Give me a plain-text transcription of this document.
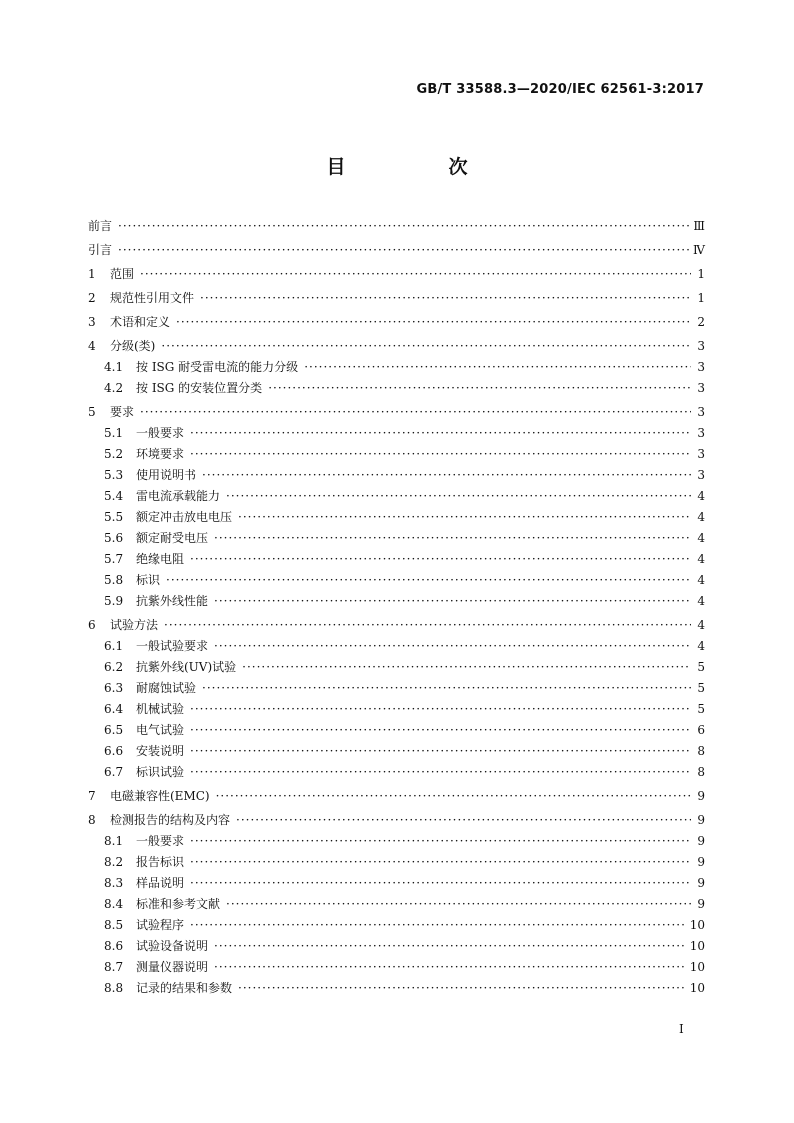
GB/T 33588.3—2020/IEC 62561-3:2017
目　次
前言 ·····	Ⅲ
引言 ·····	Ⅳ
1	范围 ·····	1
2	规范性引用文件 ·····	1
3	术语和定义 ·····	2
4	分级(类) ·····	3
4.1	按 ISG 耐受雷电流的能力分级 ·····	3
4.2	按 ISG 的安装位置分类 ·····	3
5	要求 ·····	3
5.1	一般要求 ·····	3
5.2	环境要求 ·····	3
5.3	使用说明书 ·····	3
5.4	雷电流承载能力 ·····	4
5.5	额定冲击放电电压 ·····	4
5.6	额定耐受电压 ·····	4
5.7	绝缘电阻 ·····	4
5.8	标识 ·····	4
5.9	抗紫外线性能 ·····	4
6	试验方法 ·····	4
6.1	一般试验要求 ·····	4
6.2	抗紫外线(UV)试验 ·····	5
6.3	耐腐蚀试验 ·····	5
6.4	机械试验 ·····	5
6.5	电气试验 ·····	6
6.6	安装说明 ·····	8
6.7	标识试验 ·····	8
7	电磁兼容性(EMC) ·····	9
8	检测报告的结构及内容 ·····	9
8.1	一般要求 ·····	9
8.2	报告标识 ·····	9
8.3	样品说明 ·····	9
8.4	标准和参考文献 ·····	9
8.5	试验程序 ·····	10
8.6	试验设备说明 ·····	10
8.7	测量仪器说明 ·····	10
8.8	记录的结果和参数 ·····	10
I
